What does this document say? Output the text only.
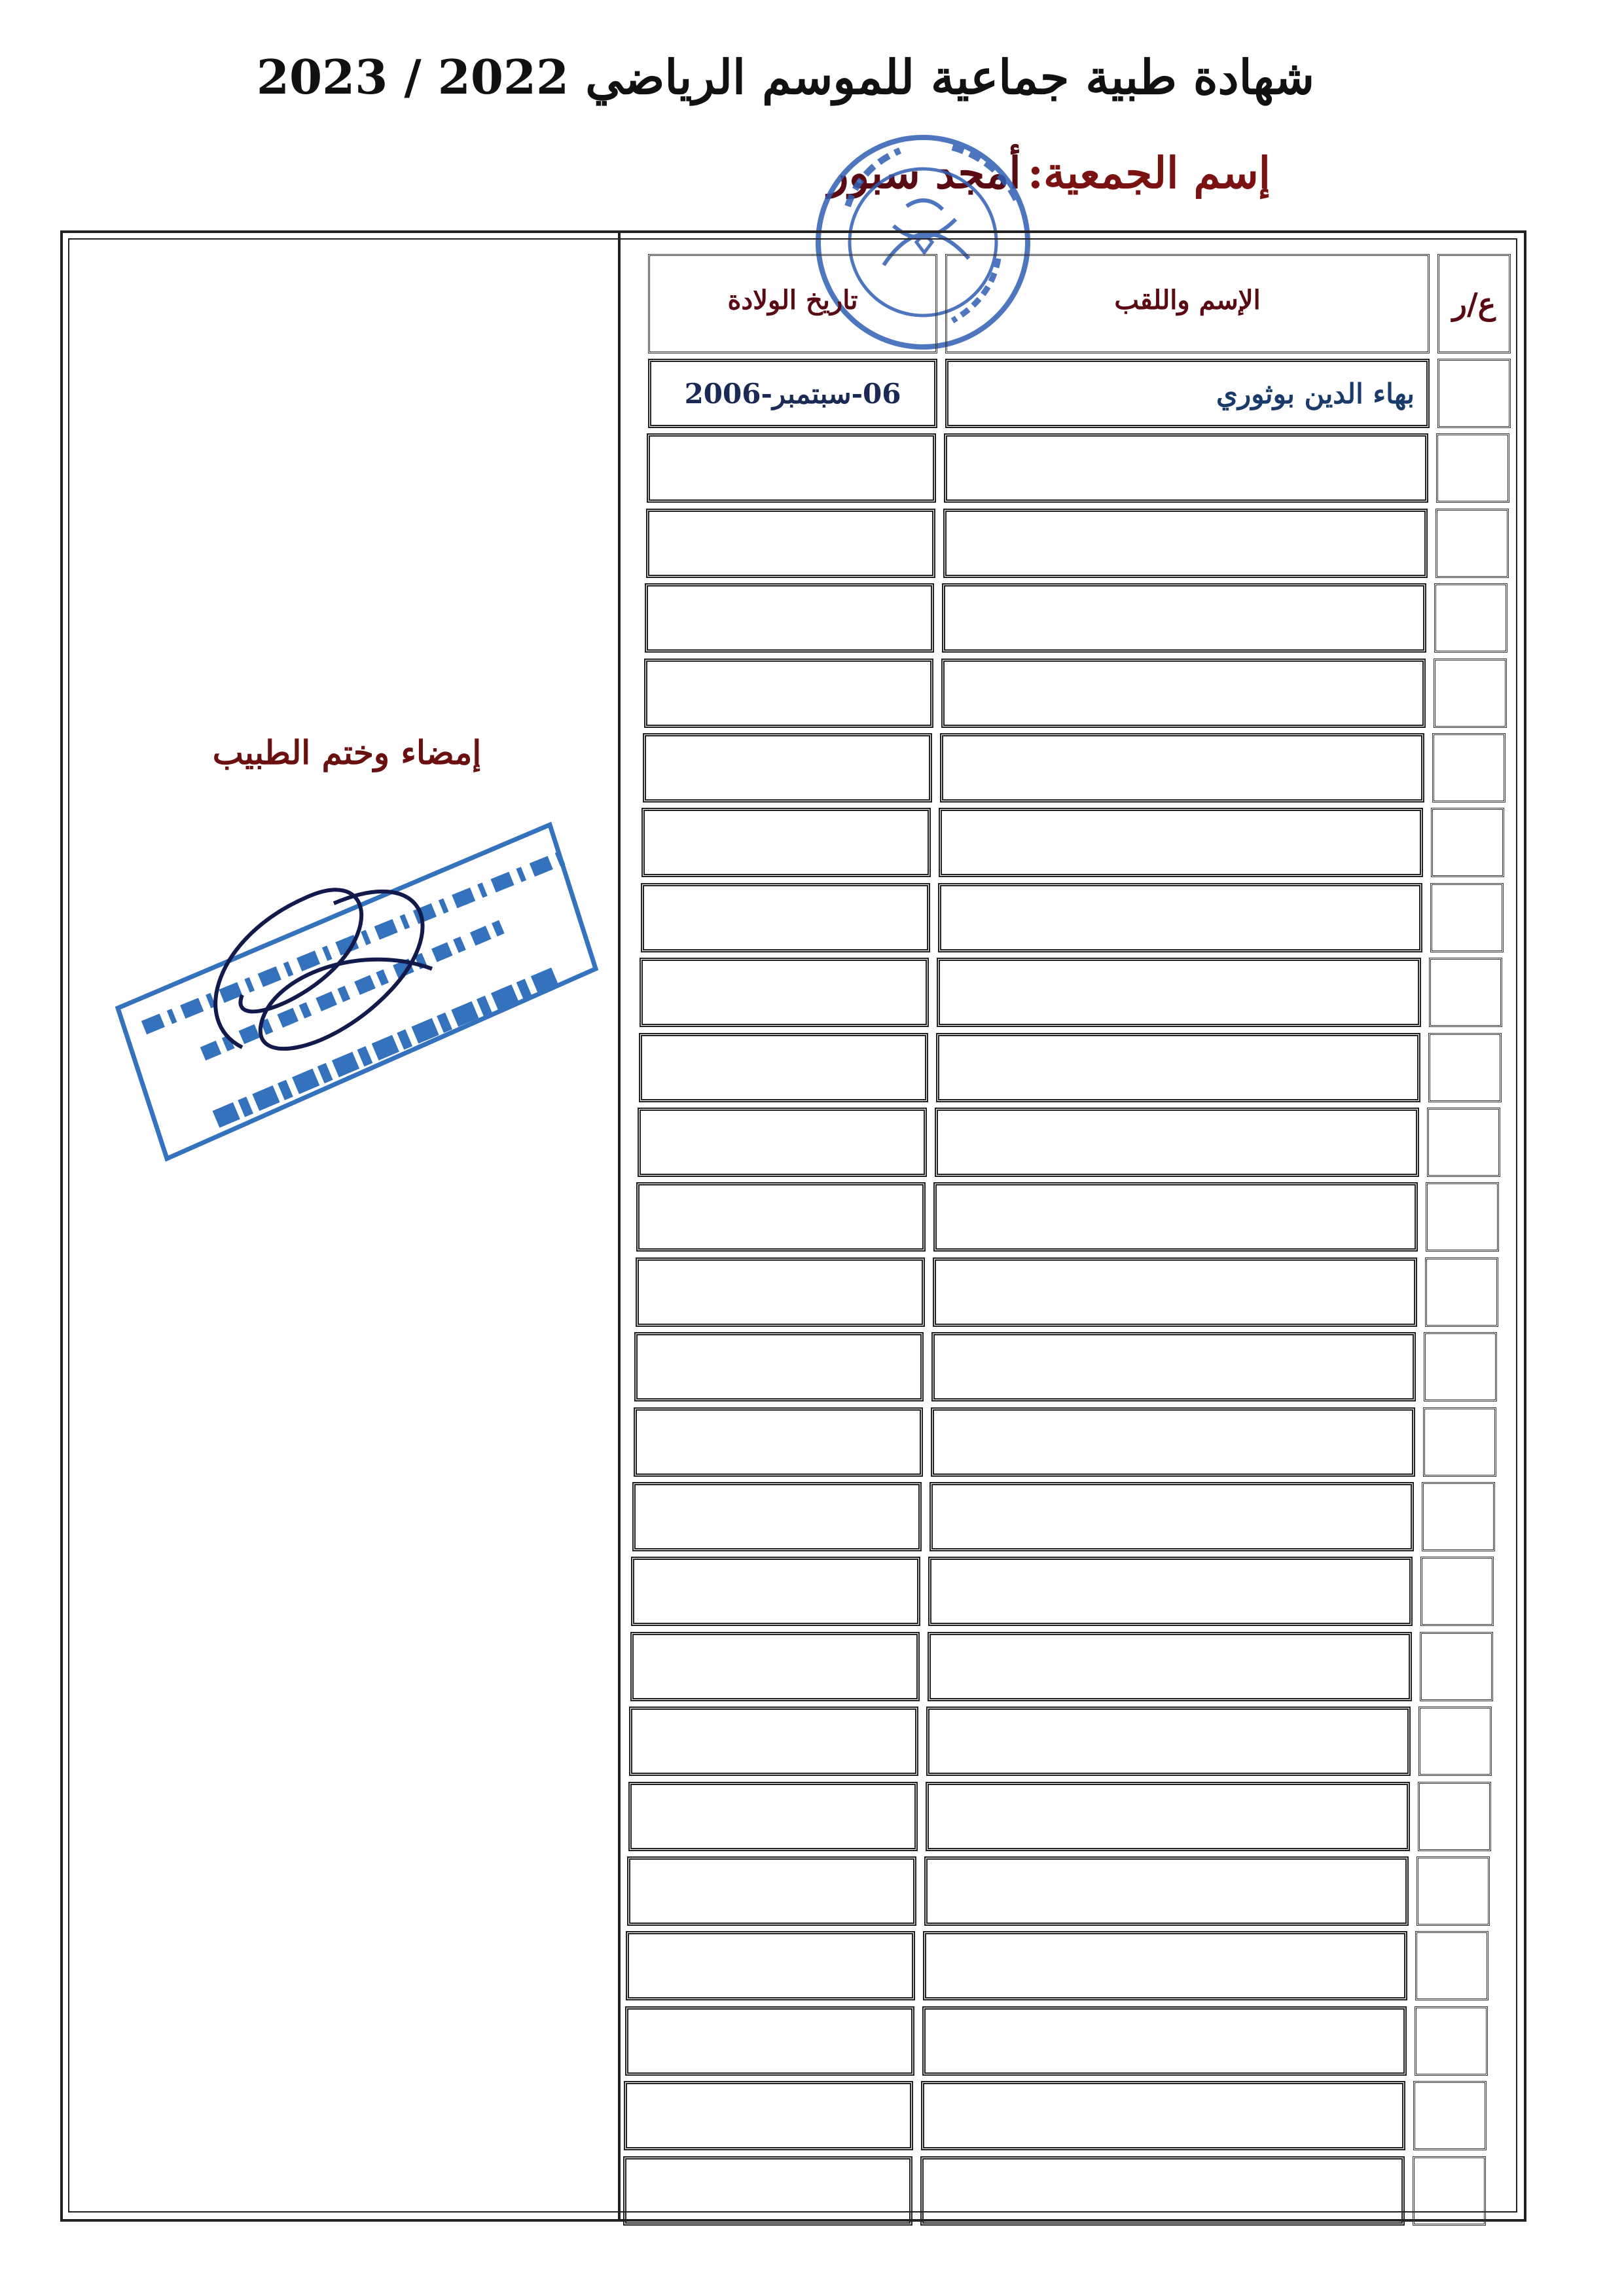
شهادة طبية جماعية للموسم الرياضي 2022 / 2023
إسم الجمعية:أمجد سبور
إمضاء وختم الطبيب
ع/ر
الإسم واللقب
تاريخ الولادة
بهاء الدين بوثوري
06-سبتمبر-2006
